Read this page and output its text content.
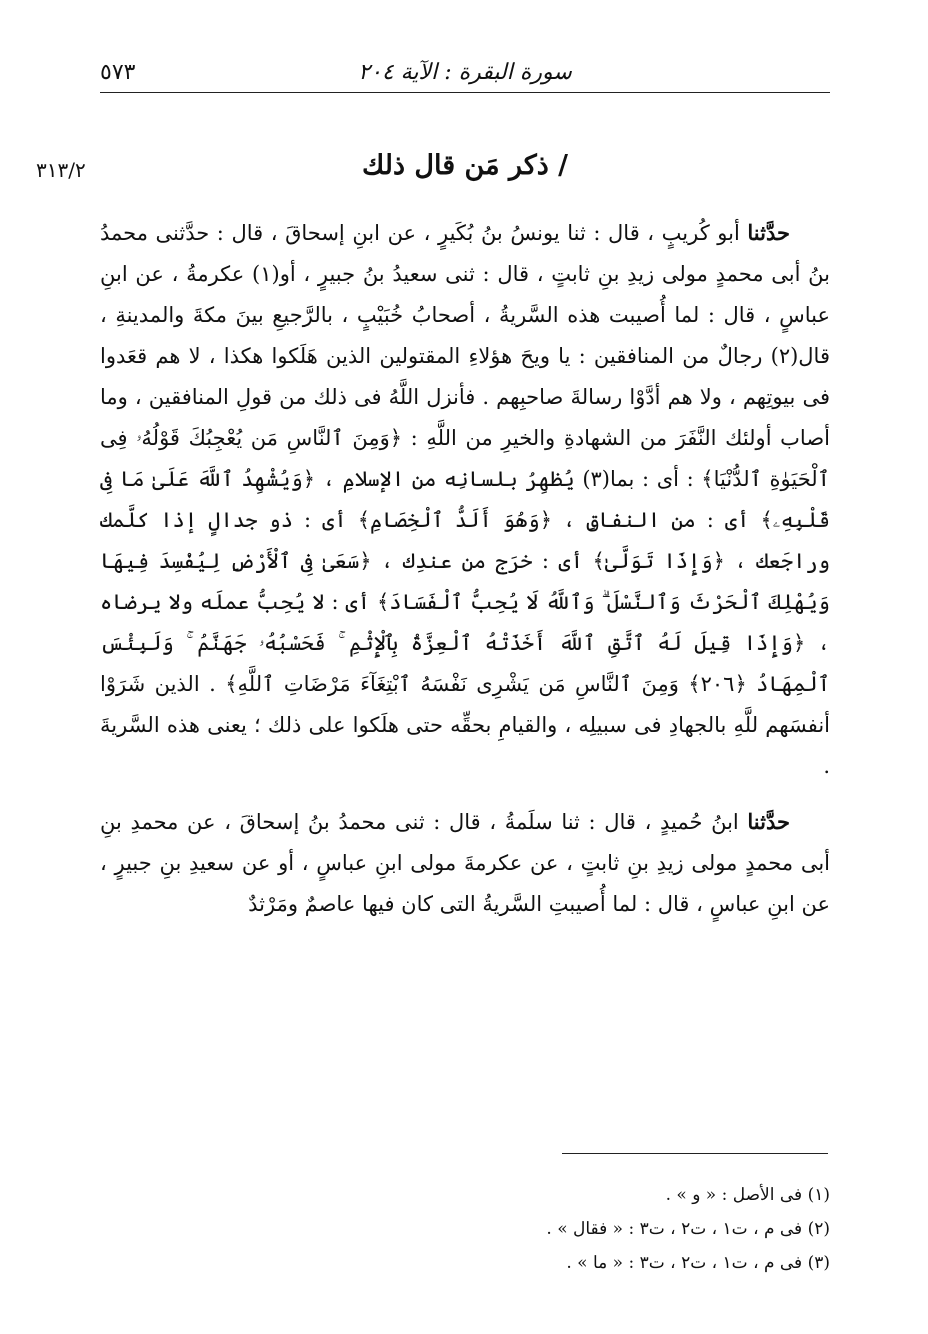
سورة البقرة : الآية ٢٠٤
٥٧٣
٣١٣/٢	/ ذكر مَن قال ذلك

حدَّثنا أبو كُريبٍ ، قال : ثنا يونسُ بنُ بُكَيرٍ ، عن ابنِ إسحاقَ ، قال : حدَّثنى محمدُ بنُ أبى محمدٍ مولى زيدِ بنِ ثابتٍ ، قال : ثنى سعيدُ بنُ جبيرٍ ، أو(١) عكرمةُ ، عن ابنِ عباسٍ ، قال : لما أُصيبت هذه السَّريةُ ، أصحابُ خُبَيْبٍ ، بالرَّجيعِ بينَ مكةَ والمدينةِ ، قال(٢) رجالٌ من المنافقين : يا ويحَ هؤلاءِ المقتولين الذين هَلَكوا هكذا ، لا هم قعَدوا فى بيوتِهم ، ولا هم أدَّوْا رسالةَ صاحبِهم . فأنزل اللَّهُ فى ذلك من قولِ المنافقين ، وما أصاب أولئك النَّفَرَ من الشهادةِ والخيرِ من اللَّهِ : ﴿وَمِنَ ٱلنَّاسِ مَن يُعْجِبُكَ قَوْلُهُۥ فِى ٱلْحَيَوٰةِ ٱلدُّنْيَا﴾ : أى : بما(٣) يُظهِرُ بلسانِه من الإسلامِ ، ﴿وَيُشْهِدُ ٱللَّهَ عَلَىٰ مَا فِى قَلْبِهِۦ﴾ أى : من النفاقِ ، ﴿وَهُوَ أَلَدُّ ٱلْخِصَامِ﴾ أى : ذو جدالٍ إذا كلَّمك وراجَعك ، ﴿وَإِذَا تَوَلَّىٰ﴾ أى : خرَج من عندِك ، ﴿سَعَىٰ فِى ٱلْأَرْضِ لِيُفْسِدَ فِيهَا وَيُهْلِكَ ٱلْحَرْثَ وَٱلنَّسْلَ ۗ وَٱللَّهُ لَا يُحِبُّ ٱلْفَسَادَ﴾ أى : لا يُحِبُّ عملَه ولا يرضاه ، ﴿وَإِذَا قِيلَ لَهُ ٱتَّقِ ٱللَّهَ أَخَذَتْهُ ٱلْعِزَّةُ بِٱلْإِثْمِ ۚ فَحَسْبُهُۥ جَهَنَّمُ ۚ وَلَبِئْسَ ٱلْمِهَادُ ﴿٢٠٦﴾ وَمِنَ ٱلنَّاسِ مَن يَشْرِى نَفْسَهُ ٱبْتِغَآءَ مَرْضَاتِ ٱللَّهِ﴾ . الذين شَرَوْا أنفسَهم للَّهِ بالجهادِ فى سبيلِه ، والقيامِ بحقِّه حتى هلَكوا على ذلك ؛ يعنى هذه السَّريةَ .

حدَّثنا ابنُ حُميدٍ ، قال : ثنا سلَمةُ ، قال : ثنى محمدُ بنُ إسحاقَ ، عن محمدِ بنِ أبى محمدٍ مولى زيدِ بنِ ثابتٍ ، عن عكرمةَ مولى ابنِ عباسٍ ، أو عن سعيدِ بنِ جبيرٍ ، عن ابنِ عباسٍ ، قال : لما أُصيبتِ السَّريةُ التى كان فيها عاصمٌ ومَرْثدٌ

(١) فى الأصل : « و » .

(٢) فى م ، ت١ ، ت٢ ، ت٣ : « فقال » .

(٣) فى م ، ت١ ، ت٢ ، ت٣ : « ما » .
